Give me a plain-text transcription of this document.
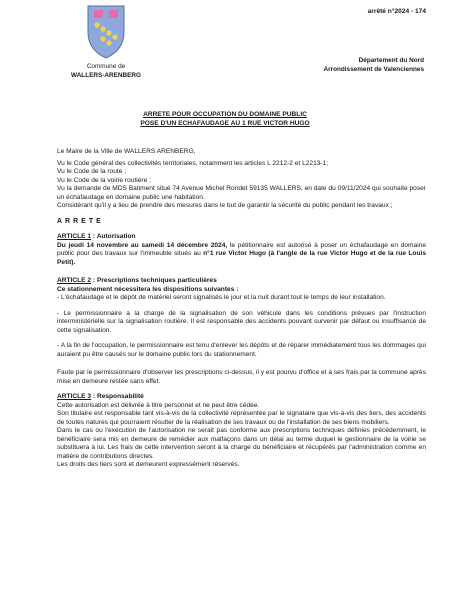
arrêté n°2024 - 174
Commune de
WALLERS-ARENBERG
Département du Nord
Arrondissement de Valenciennes
ARRETE POUR OCCUPATION DU DOMAINE PUBLIC
POSE D'UN ECHAFAUDAGE AU 1 RUE VICTOR HUGO

Le Maire de la Ville de WALLERS ARENBERG,

Vu le Code général des collectivités territoriales, notamment les articles L 2212-2 et L2213-1;

Vu le Code de la route ;

Vu le Code de la voirie routière ;

Vu la demande de MDS Batiment situé 74 Avenue Michel Rondet 59135 WALLERS, en date du 09/11/2024 qui souhaite poser un échafaudage en domaine public une habitation.

Considérant qu'il y a lieu de prendre des mesures dans le but de garantir la sécurité du public pendant les travaux ;

ARRETE

ARTICLE 1 : Autorisation

Du jeudi 14 novembre au samedi 14 décembre 2024, le pétitionnaire est autorisé à poser un échafaudage en domaine public pour des travaux sur l'immeuble situés au n°1 rue Victor Hugo (à l'angle de la rue Victor Hugo et de la rue Louis Petit).

ARTICLE 2 : Prescriptions techniques particulières

Ce stationnement nécessitera les dispositions suivantes :

- L'échafaudage et le dépôt de matériel seront signalisés le jour et la nuit durant tout le temps de leur installation.

- Le permissionnaire a la charge de la signalisation de son véhicule dans les conditions prévues par l'instruction interministérielle sur la signalisation routière. Il est responsable des accidents pouvant survenir par défaut ou insuffisance de cette signalisation.

- A la fin de l'occupation, le permissionnaire est tenu d'enlever les dépôts et de réparer immédiatement tous les dommages qui auraient pu être causés sur le domaine public lors du stationnement.

Faute par le permissionnaire d'observer les prescriptions ci-dessus, il y est pourvu d'office et à ses frais par la commune après mise en demeure restée sans effet.

ARTICLE 3 : Responsabilité

Cette autorisation est délivrée à titre personnel et ne peut être cédée.

Son titulaire est responsable tant vis-à-vis de la collectivité représentée par le signataire que vis-à-vis des tiers, des accidents de toutes natures qui pourraient résulter de la réalisation de ses travaux ou de l'installation de ses biens mobiliers.

Dans le cas ou l'exécution de l'autorisation ne serait pas conforme aux prescriptions techniques définies précédemment, le bénéficiaire sera mis en demeure de remédier aux malfaçons dans un délai au terme duquel le gestionnaire de la voirie se substituera à lui. Les frais de cette intervention seront à la charge du bénéficiaire et récupérés par l'administration comme en matière de contributions directes.

Les droits des tiers sont et demeurent expressément réservés.
